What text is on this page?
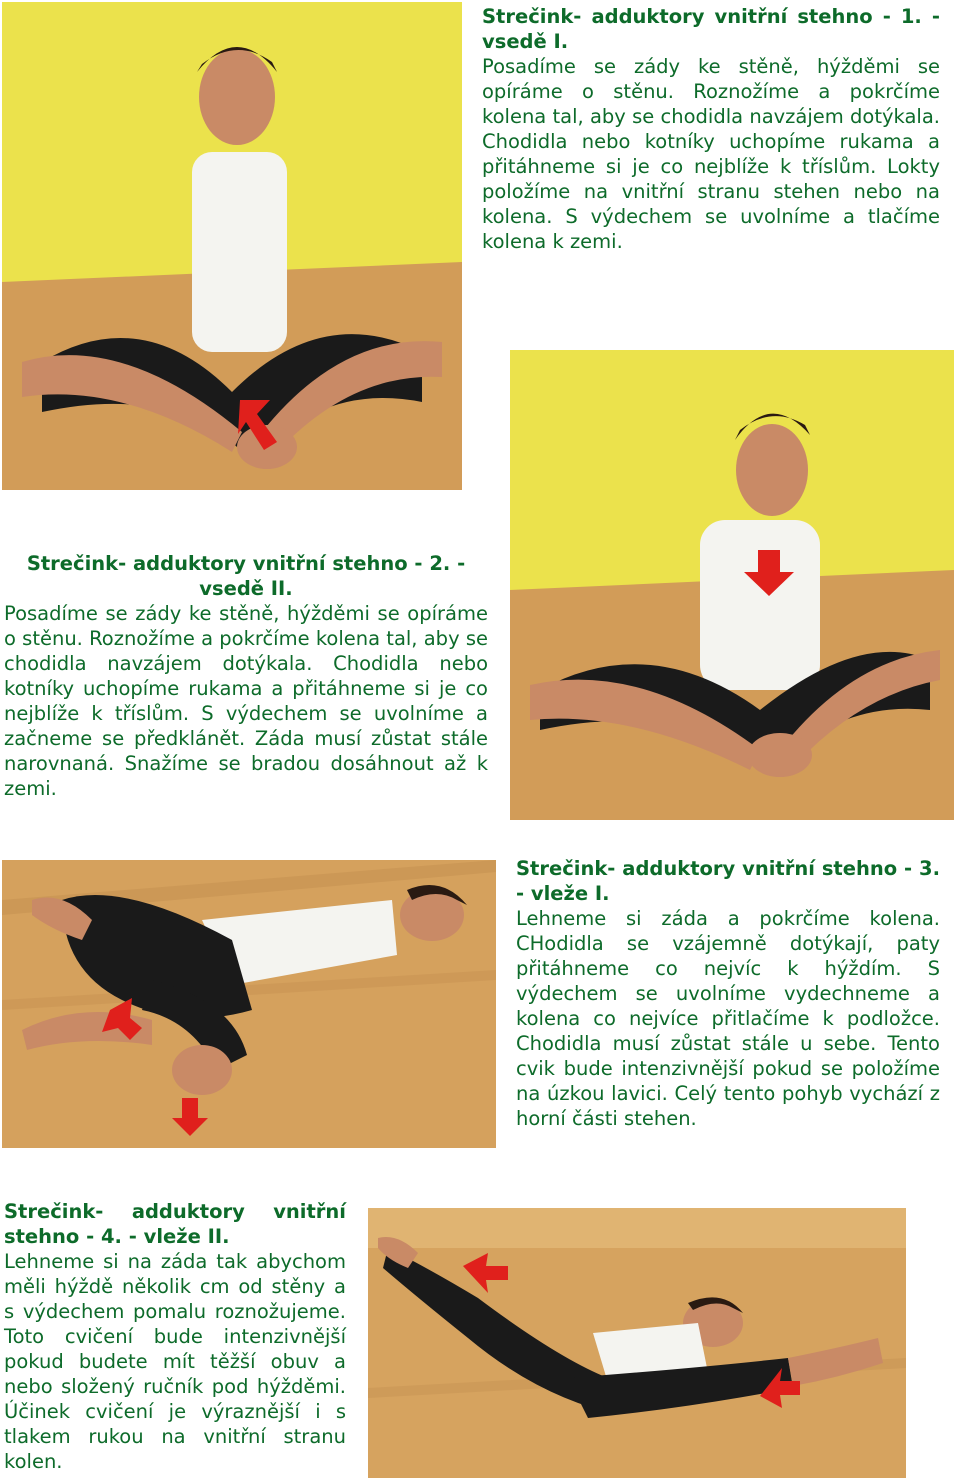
Strečink- adduktory vnitřní stehno - 1. - vsedě I.
Posadíme se zády ke stěně, hýžděmi se opíráme o stěnu. Roznožíme a pokrčíme kolena tal, aby se chodidla navzájem dotýkala. Chodidla nebo kotníky uchopíme rukama a přitáhneme si je co nejblíže k tříslům. Lokty položíme na vnitřní stranu stehen nebo na kolena. S výdechem se uvolníme a tlačíme kolena k zemi.
Strečink- adduktory vnitřní stehno - 2. - vsedě II.
Posadíme se zády ke stěně, hýžděmi se opíráme o stěnu. Roznožíme a pokrčíme kolena tal, aby se chodidla navzájem dotýkala. Chodidla nebo kotníky uchopíme rukama a přitáhneme si je co nejblíže k tříslům. S výdechem se uvolníme a začneme se předklánět. Záda musí zůstat stále narovnaná. Snažíme se bradou dosáhnout až k zemi.
Strečink- adduktory vnitřní stehno - 3. - vleže I.
Lehneme si záda a pokrčíme kolena. CHodidla se vzájemně dotýkají, paty přitáhneme co nejvíc k hýždím. S výdechem se uvolníme vydechneme a kolena co nejvíce přitlačíme k podložce. Chodidla musí zůstat stále u sebe. Tento cvik bude intenzivnější pokud se položíme na úzkou lavici. Celý tento pohyb vychází z horní části stehen.
Strečink- adduktory vnitřní stehno - 4. - vleže II.
Lehneme si na záda tak abychom měli hýždě několik cm od stěny a s výdechem pomalu roznožujeme. Toto cvičení bude intenzivnější pokud budete mít těžší obuv a nebo složený ručník pod hýžděmi. Účinek cvičení je výraznější i s tlakem rukou na vnitřní stranu kolen.
